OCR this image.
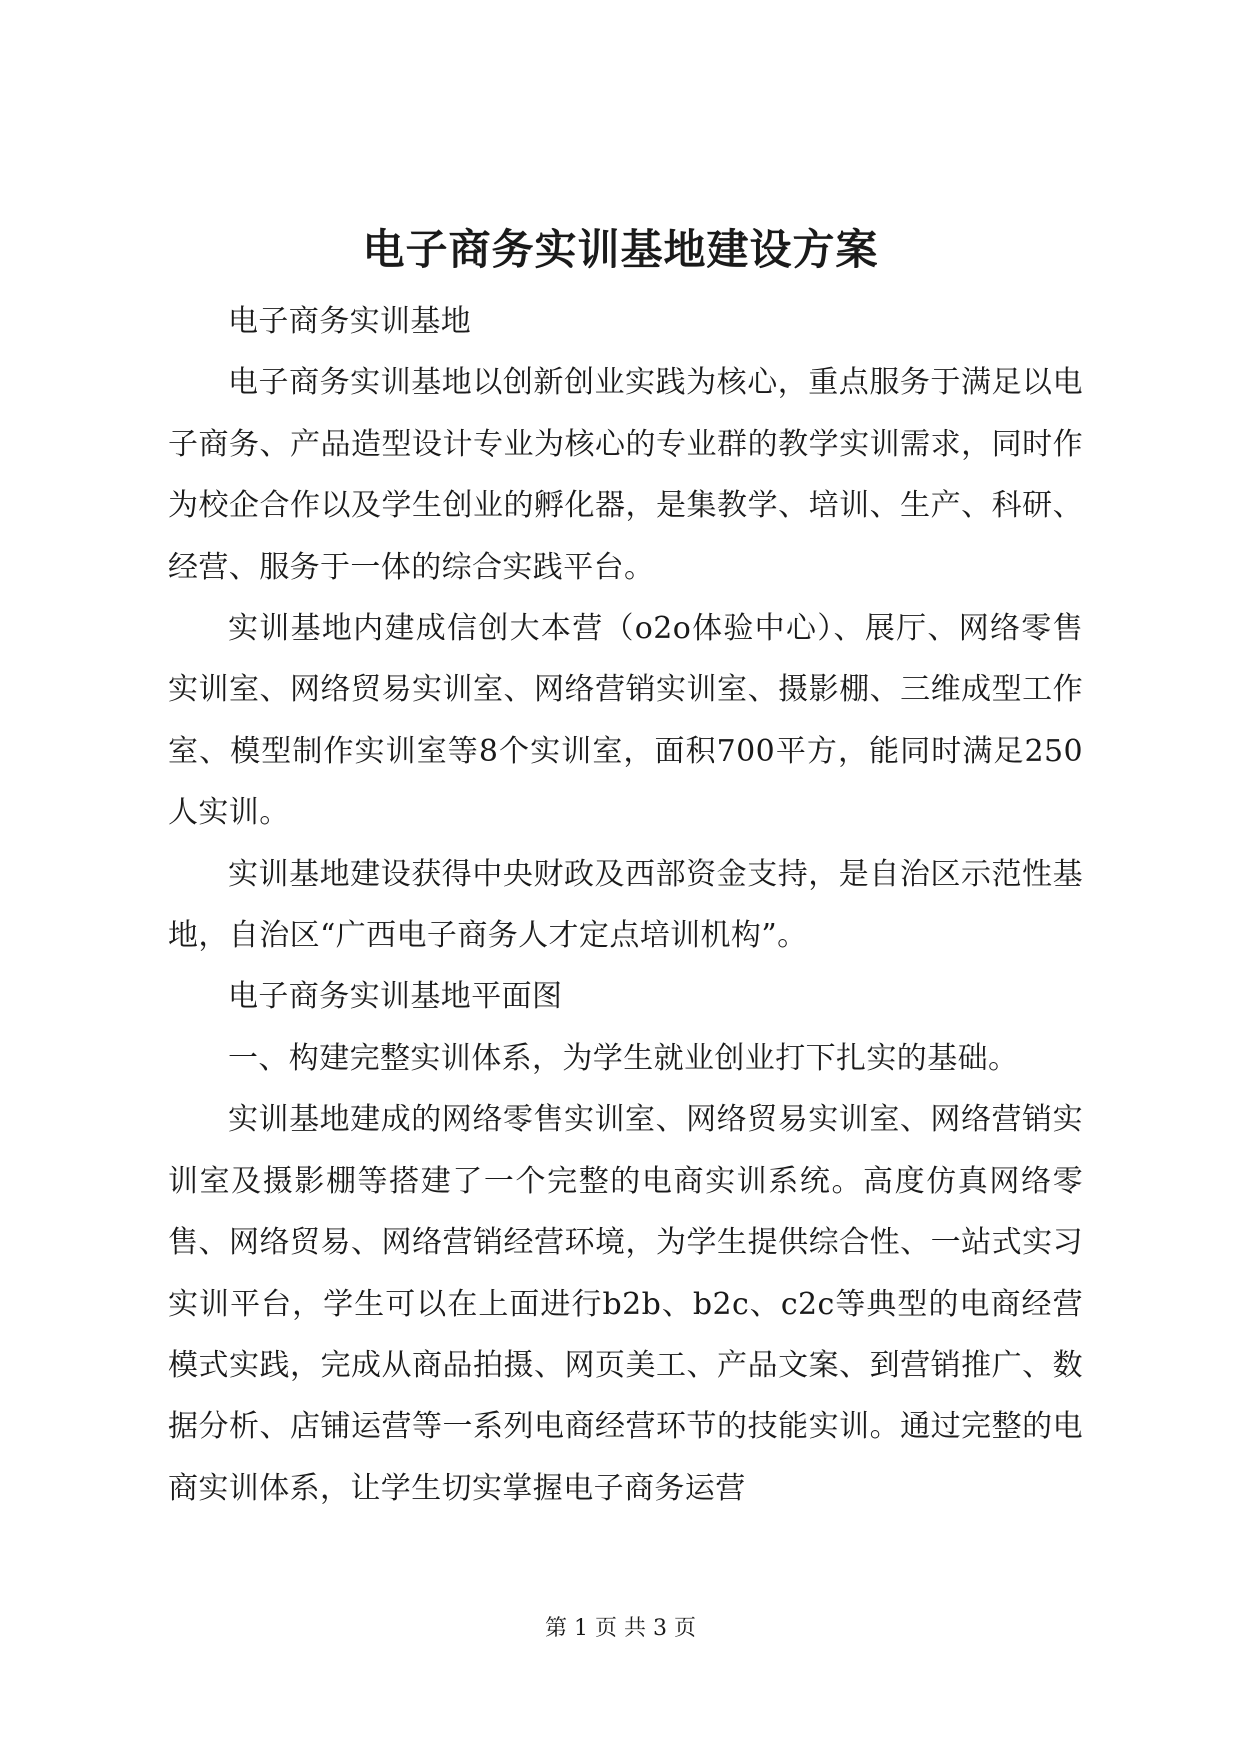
电子商务实训基地建设方案

电子商务实训基地

电子商务实训基地以创新创业实践为核心，重点服务于满足以电子商务、产品造型设计专业为核心的专业群的教学实训需求，同时作为校企合作以及学生创业的孵化器，是集教学、培训、生产、科研、经营、服务于一体的综合实践平台。

实训基地内建成信创大本营（o2o体验中心）、展厅、网络零售实训室、网络贸易实训室、网络营销实训室、摄影棚、三维成型工作室、模型制作实训室等8个实训室，面积700平方，能同时满足250人实训。

实训基地建设获得中央财政及西部资金支持，是自治区示范性基地，自治区“广西电子商务人才定点培训机构”。

电子商务实训基地平面图

一、构建完整实训体系，为学生就业创业打下扎实的基础。

实训基地建成的网络零售实训室、网络贸易实训室、网络营销实训室及摄影棚等搭建了一个完整的电商实训系统。高度仿真网络零售、网络贸易、网络营销经营环境，为学生提供综合性、一站式实习实训平台，学生可以在上面进行b2b、b2c、c2c等典型的电商经营模式实践，完成从商品拍摄、网页美工、产品文案、到营销推广、数据分析、店铺运营等一系列电商经营环节的技能实训。通过完整的电商实训体系，让学生切实掌握电子商务运营

第 1 页 共 3 页
